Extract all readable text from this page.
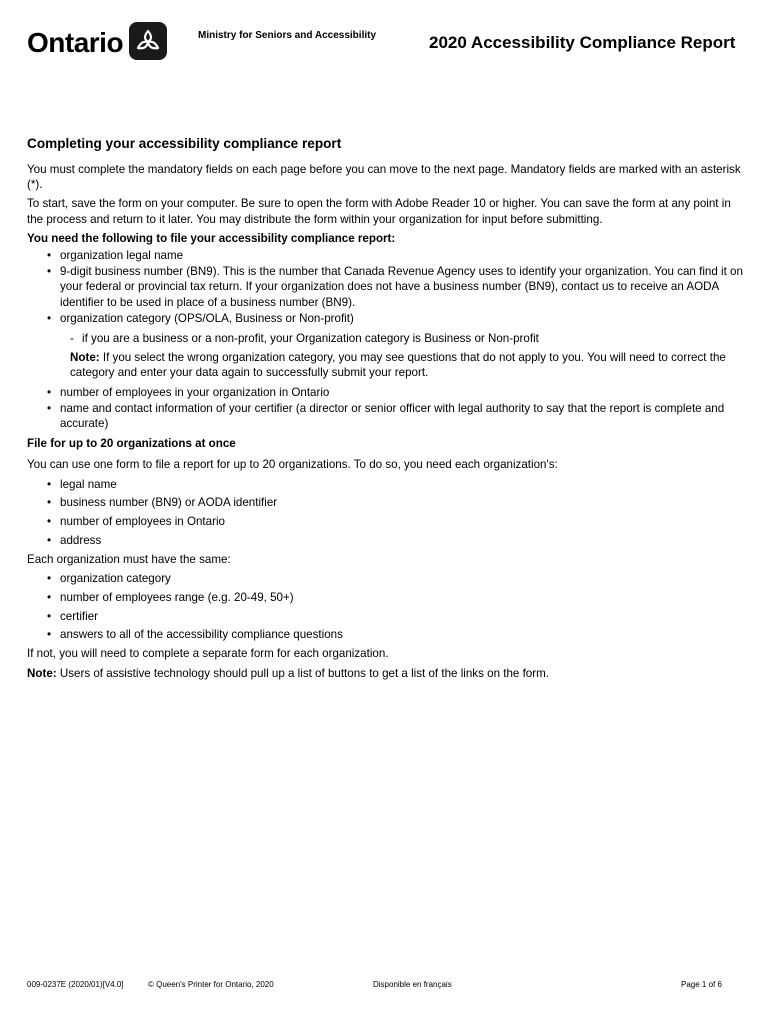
Ontario	Ministry for Seniors and Accessibility	2020 Accessibility Compliance Report
Completing your accessibility compliance report

You must complete the mandatory fields on each page before you can move to the next page. Mandatory fields are marked with an asterisk (*).

To start, save the form on your computer. Be sure to open the form with Adobe Reader 10 or higher. You can save the form at any point in the process and return to it later. You may distribute the form within your organization for input before submitting.

You need the following to file your accessibility compliance report:

• organization legal name
• 9-digit business number (BN9). This is the number that Canada Revenue Agency uses to identify your organization. You can find it on your federal or provincial tax return. If your organization does not have a business number (BN9), contact us to receive an AODA identifier to be used in place of a business number (BN9).
• organization category (OPS/OLA, Business or Non-profit)
- if you are a business or a non-profit, your Organization category is Business or Non-profit

Note: If you select the wrong organization category, you may see questions that do not apply to you. You will need to correct the category and enter your data again to successfully submit your report.

• number of employees in your organization in Ontario
• name and contact information of your certifier (a director or senior officer with legal authority to say that the report is complete and accurate)
File for up to 20 organizations at once

You can use one form to file a report for up to 20 organizations. To do so, you need each organization's:

• legal name
• business number (BN9) or AODA identifier
• number of employees in Ontario
• address

Each organization must have the same:

• organization category
• number of employees range (e.g. 20-49, 50+)
• certifier
• answers to all of the accessibility compliance questions

If not, you will need to complete a separate form for each organization.

Note: Users of assistive technology should pull up a list of buttons to get a list of the links on the form.

009-0237E (2020/01)[V4.0]	© Queen's Printer for Ontario, 2020	Disponible en français	Page 1 of 6
